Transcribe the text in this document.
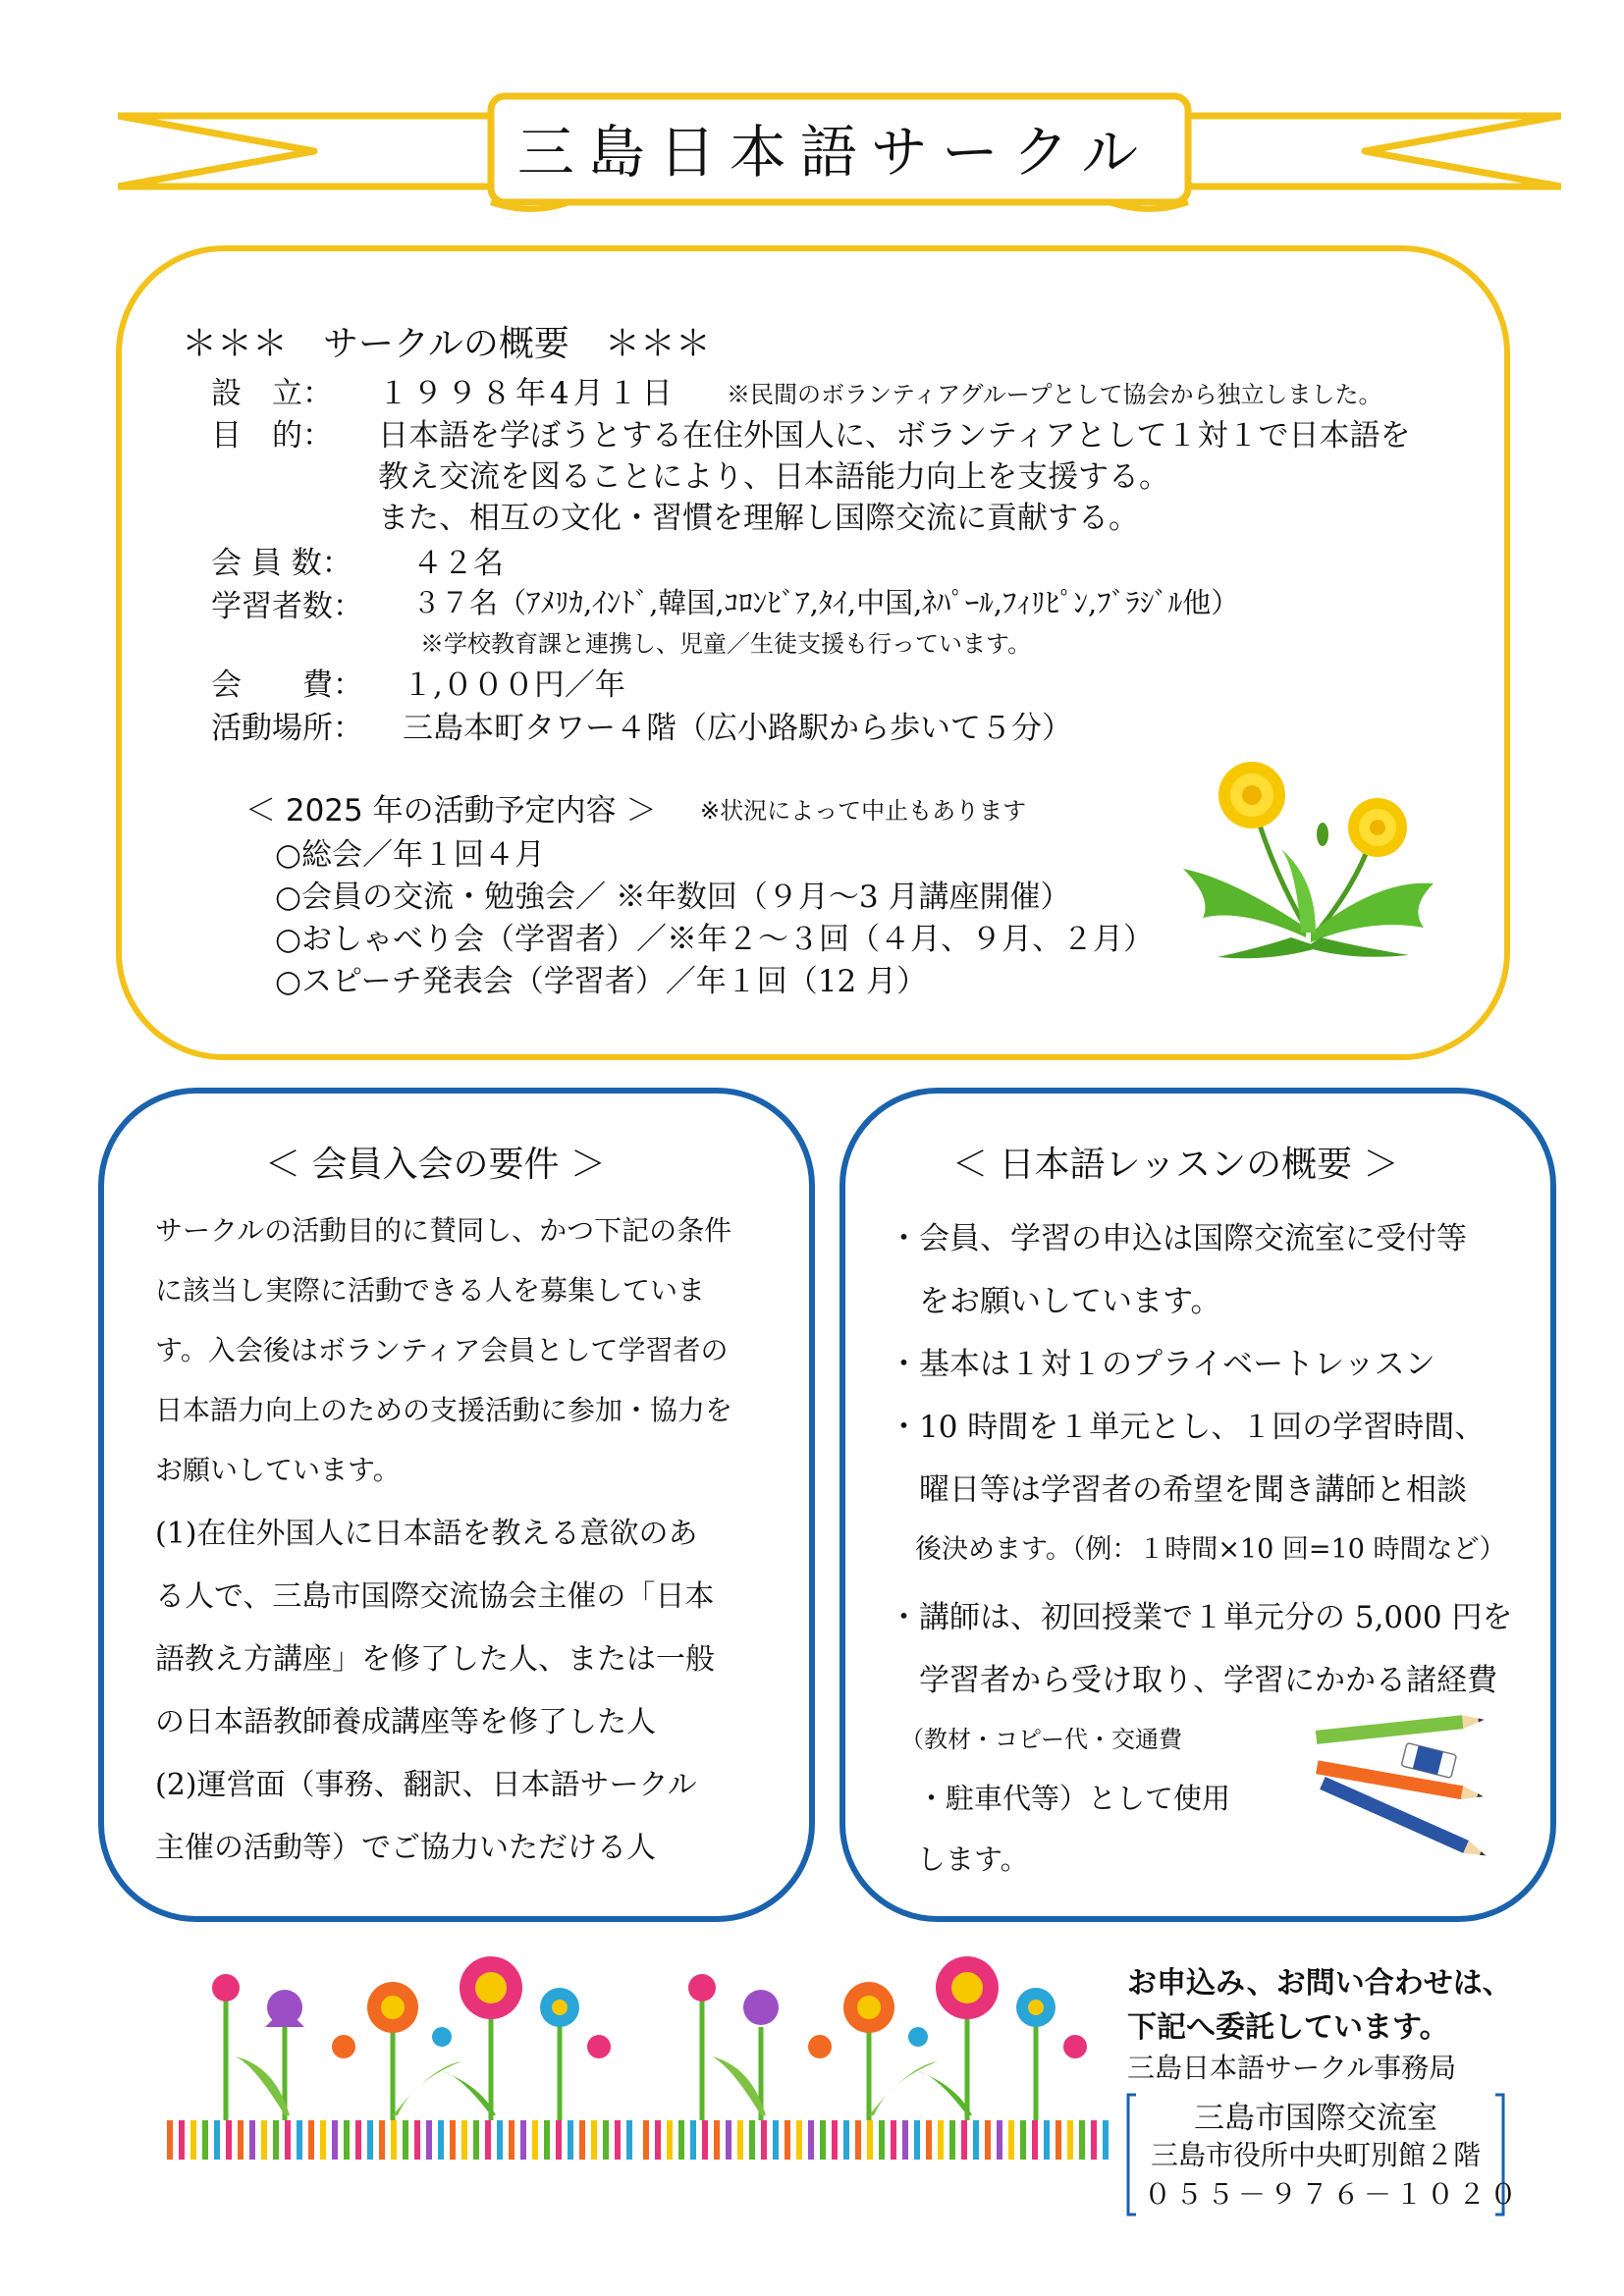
三島日本語サークル
＊＊＊　サークルの概要　＊＊＊
設　立： １９９８年4月１日 ※民間のボランティアグループとして協会から独立しました。
目　的： 日本語を学ぼうとする在住外国人に、ボランティアとして１対１で日本語を
教え交流を図ることにより、日本語能力向上を支援する。
また、相互の文化・習慣を理解し国際交流に貢献する。
会 員 数： ４２名
学習者数： ３７名（ｱﾒﾘｶ,ｲﾝﾄﾞ,韓国,ｺﾛﾝﾋﾞｱ,ﾀｲ,中国,ﾈﾊﾟｰﾙ,ﾌｨﾘﾋﾟﾝ,ﾌﾞﾗｼﾞﾙ他）
※学校教育課と連携し、児童／生徒支援も行っています。
会　　費： １,０００円／年
活動場所： 三島本町タワー４階（広小路駅から歩いて５分）
＜ 2025 年の活動予定内容 ＞ ※状況によって中止もあります
○総会／年１回４月
○会員の交流・勉強会／ ※年数回（９月～3 月講座開催）
○おしゃべり会（学習者）／※年２～３回（４月、９月、２月）
○スピーチ発表会（学習者）／年１回（12 月）
＜ 会員入会の要件 ＞
サークルの活動目的に賛同し、かつ下記の条件
に該当し実際に活動できる人を募集していま
す。入会後はボランティア会員として学習者の
日本語力向上のための支援活動に参加・協力を
お願いしています。
(1)在住外国人に日本語を教える意欲のあ
る人で、三島市国際交流協会主催の「日本
語教え方講座」を修了した人、または一般
の日本語教師養成講座等を修了した人
(2)運営面（事務、翻訳、日本語サークル
主催の活動等）でご協力いただける人
＜ 日本語レッスンの概要 ＞
・会員、学習の申込は国際交流室に受付等
　をお願いしています。
・基本は１対１のプライベートレッスン
・10 時間を１単元とし、１回の学習時間、
　曜日等は学習者の希望を聞き講師と相談
　後決めます。（例：１時間×10 回=10 時間など）
・講師は、初回授業で１単元分の 5,000 円を
　学習者から受け取り、学習にかかる諸経費
　（教材・コピー代・交通費
　・駐車代等）として使用
　します。
お申込み、お問い合わせは、
下記へ委託しています。
三島日本語サークル事務局
三島市国際交流室
三島市役所中央町別館２階
０５５－９７６－１０２０
